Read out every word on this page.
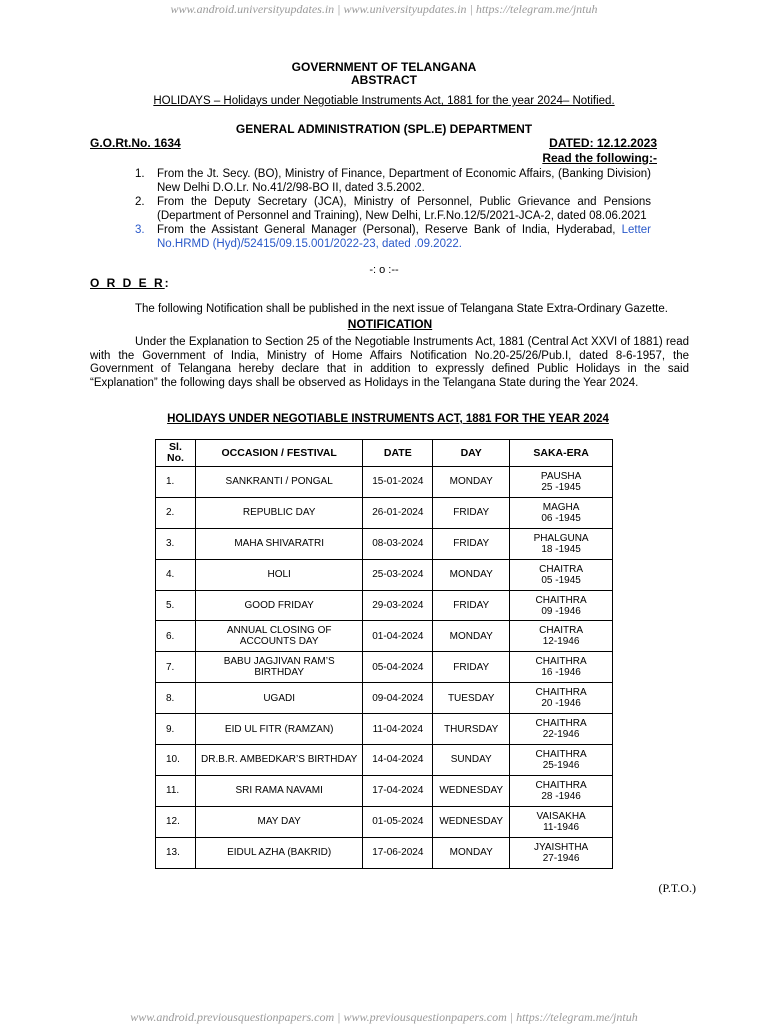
www.android.universityupdates.in | www.universityupdates.in | https://telegram.me/jntuh
GOVERNMENT OF TELANGANA
ABSTRACT
HOLIDAYS – Holidays under Negotiable Instruments Act, 1881 for the year 2024– Notified.
GENERAL ADMINISTRATION (SPL.E) DEPARTMENT
G.O.Rt.No. 1634	DATED: 12.12.2023
Read the following:-
1. From the Jt. Secy. (BO), Ministry of Finance, Department of Economic Affairs, (Banking Division) New Delhi D.O.Lr. No.41/2/98-BO II, dated 3.5.2002.
2. From the Deputy Secretary (JCA), Ministry of Personnel, Public Grievance and Pensions (Department of Personnel and Training), New Delhi, Lr.F.No.12/5/2021-JCA-2, dated 08.06.2021
3. From the Assistant General Manager (Personal), Reserve Bank of India, Hyderabad, Letter No.HRMD (Hyd)/52415/09.15.001/2022-23, dated .09.2022.
-: o :--
O R D E R:
The following Notification shall be published in the next issue of Telangana State Extra-Ordinary Gazette.
NOTIFICATION
Under the Explanation to Section 25 of the Negotiable Instruments Act, 1881 (Central Act XXVI of 1881) read with the Government of India, Ministry of Home Affairs Notification No.20-25/26/Pub.I, dated 8-6-1957, the Government of Telangana hereby declare that in addition to expressly defined Public Holidays in the said “Explanation” the following days shall be observed as Holidays in the Telangana State during the Year 2024.
HOLIDAYS UNDER NEGOTIABLE INSTRUMENTS ACT, 1881 FOR THE YEAR 2024
Sl.
No.	OCCASION / FESTIVAL	DATE	DAY	SAKA-ERA
1.	SANKRANTI / PONGAL	15-01-2024	MONDAY	PAUSHA
25 -1945
2.	REPUBLIC DAY	26-01-2024	FRIDAY	MAGHA
06 -1945
3.	MAHA SHIVARATRI	08-03-2024	FRIDAY	PHALGUNA
18 -1945
4.	HOLI	25-03-2024	MONDAY	CHAITRA
05 -1945
5.	GOOD FRIDAY	29-03-2024	FRIDAY	CHAITHRA
09 -1946
6.	ANNUAL CLOSING OF ACCOUNTS DAY	01-04-2024	MONDAY	CHAITRA
12-1946
7.	BABU JAGJIVAN RAM’S BIRTHDAY	05-04-2024	FRIDAY	CHAITHRA
16 -1946
8.	UGADI	09-04-2024	TUESDAY	CHAITHRA
20 -1946
9.	EID UL FITR (RAMZAN)	11-04-2024	THURSDAY	CHAITHRA
22-1946
10.	DR.B.R. AMBEDKAR’S BIRTHDAY	14-04-2024	SUNDAY	CHAITHRA
25-1946
11.	SRI RAMA NAVAMI	17-04-2024	WEDNESDAY	CHAITHRA
28 -1946
12.	MAY DAY	01-05-2024	WEDNESDAY	VAISAKHA
11-1946
13.	EIDUL AZHA (BAKRID)	17-06-2024	MONDAY	JYAISHTHA
27-1946
(P.T.O.)
www.android.previousquestionpapers.com | www.previousquestionpapers.com | https://telegram.me/jntuh
